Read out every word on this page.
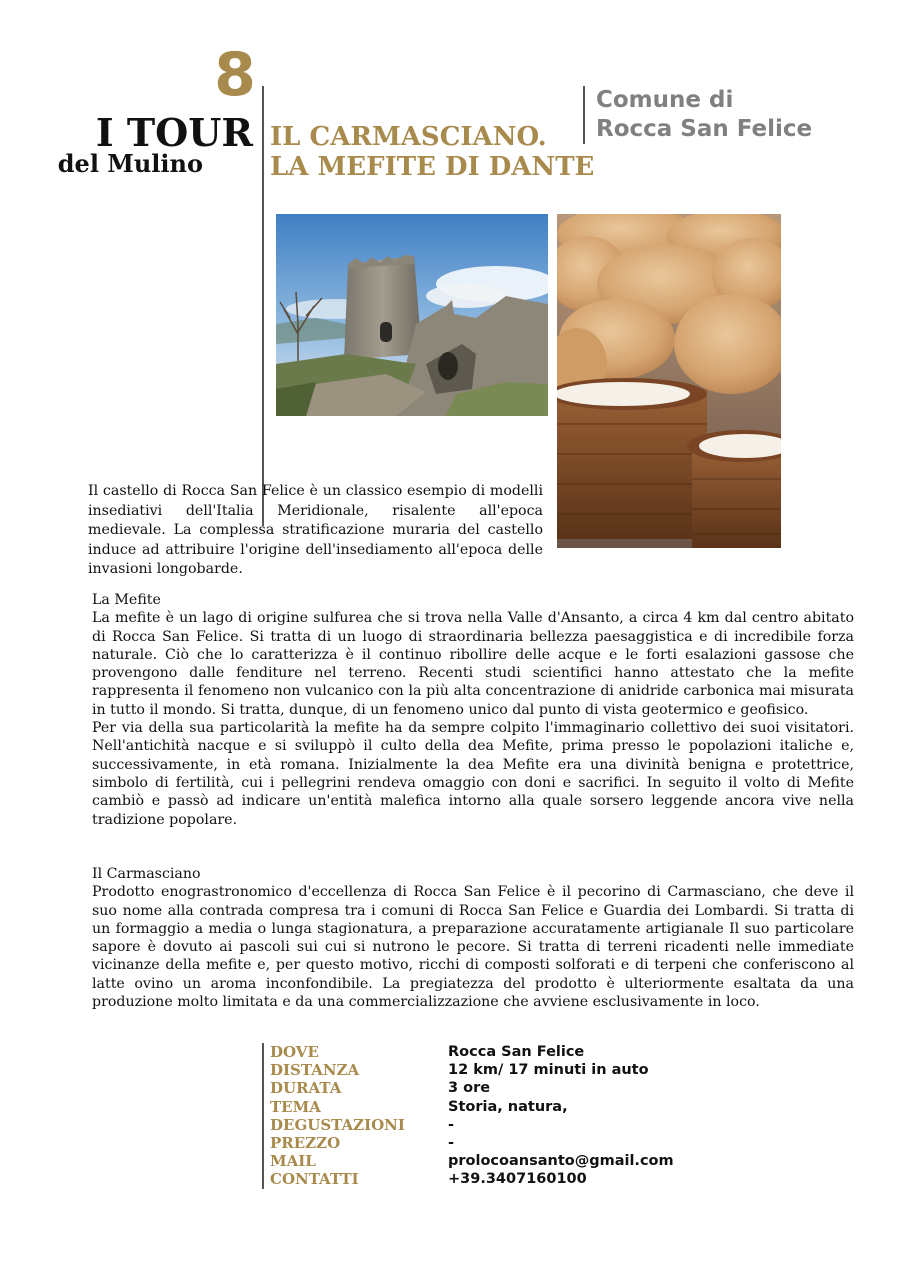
8
I TOUR
del Mulino
IL CARMASCIANO.
LA MEFITE DI DANTE
Comune di
Rocca San Felice
Il castello di Rocca San Felice è un classico esempio di modelli insediativi dell'Italia Meridionale, risalente all'epoca medievale. La complessa stratificazione muraria del castello induce ad attribuire l'origine dell'insediamento all'epoca delle invasioni longobarde.
La Mefite

La mefite è un lago di origine sulfurea che si trova nella Valle d'Ansanto, a circa 4 km dal centro abitato di Rocca San Felice. Si tratta di un luogo di straordinaria bellezza paesaggistica e di incredibile forza naturale. Ciò che lo caratterizza è il continuo ribollire delle acque e le forti esalazioni gassose che provengono dalle fenditure nel terreno. Recenti studi scientifici hanno attestato che la mefite rappresenta il fenomeno non vulcanico con la più alta concentrazione di anidride carbonica mai misurata in tutto il mondo. Si tratta, dunque, di un fenomeno unico dal punto di vista geotermico e geofisico.

Per via della sua particolarità la mefite ha da sempre colpito l'immaginario collettivo dei suoi visitatori. Nell'antichità nacque e si sviluppò il culto della dea Mefite, prima presso le popolazioni italiche e, successivamente, in età romana. Inizialmente la dea Mefite era una divinità benigna e protettrice, simbolo di fertilità, cui i pellegrini rendeva omaggio con doni e sacrifici. In seguito il volto di Mefite cambiò e passò ad indicare un'entità malefica intorno alla quale sorsero leggende ancora vive nella tradizione popolare.

Il Carmasciano

Prodotto enograstronomico d'eccellenza di Rocca San Felice è il pecorino di Carmasciano, che deve il suo nome alla contrada compresa tra i comuni di Rocca San Felice e Guardia dei Lombardi. Si tratta di un formaggio a media o lunga stagionatura, a preparazione accuratamente artigianale Il suo particolare sapore è dovuto ai pascoli sui cui si nutrono le pecore. Si tratta di terreni ricadenti nelle immediate vicinanze della mefite e, per questo motivo, ricchi di composti solforati e di terpeni che conferiscono al latte ovino un aroma inconfondibile. La pregiatezza del prodotto è ulteriormente esaltata da una produzione molto limitata e da una commercializzazione che avviene esclusivamente in loco.

DOVE	Rocca San Felice
DISTANZA	12 km/ 17 minuti in auto
DURATA	3 ore
TEMA	Storia, natura,
DEGUSTAZIONI	-
PREZZO	-
MAIL	prolocoansanto@gmail.com
CONTATTI	+39.3407160100
